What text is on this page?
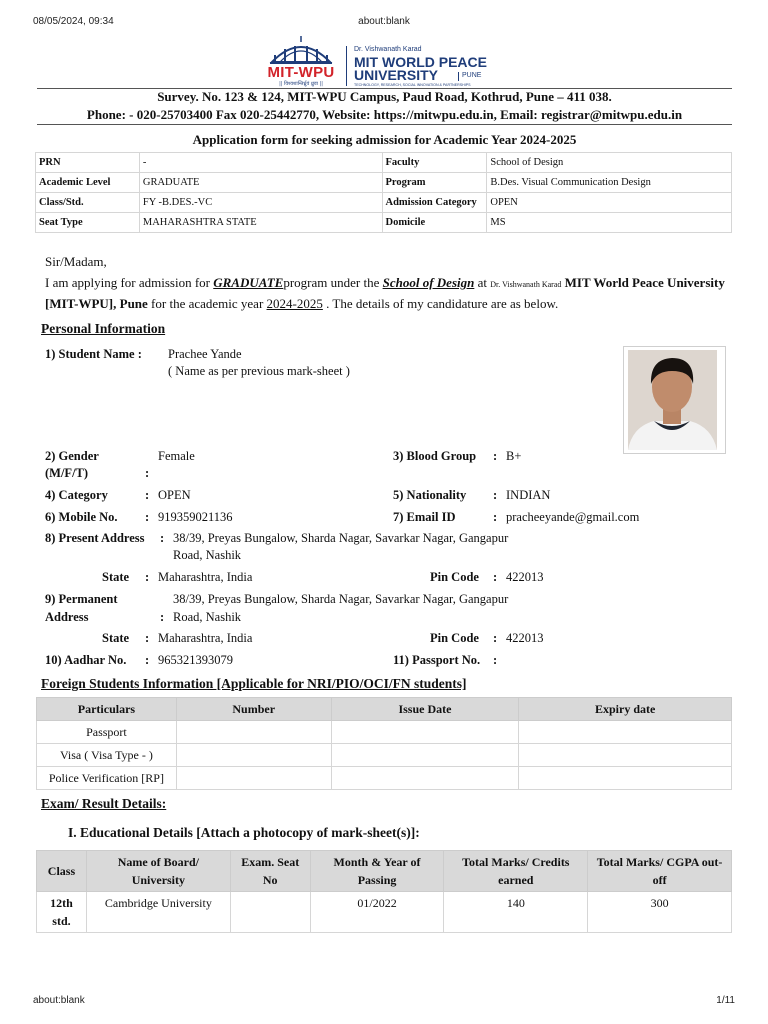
08/05/2024, 09:34	about:blank
MIT-WPU
|| विश्वशान्तिर्ध्रुवं ध्रुवा ||
Dr. Vishwanath Karad
MIT WORLD PEACE
UNIVERSITY	PUNE
TECHNOLOGY, RESEARCH, SOCIAL INNOVATION & PARTNERSHIPS
Survey. No. 123 & 124, MIT-WPU Campus, Paud Road, Kothrud, Pune – 411 038.
Phone: - 020-25703400 Fax 020-25442770, Website: https://mitwpu.edu.in, Email: registrar@mitwpu.edu.in
Application form for seeking admission for Academic Year 2024-2025
PRN	-	Faculty	School of Design
Academic Level	GRADUATE	Program	B.Des. Visual Communication Design
Class/Std.	FY -B.DES.-VC	Admission Category	OPEN
Seat Type	MAHARASHTRA STATE	Domicile	MS
Sir/Madam,
I am applying for admission for GRADUATEprogram under the School of Design at Dr. Vishwanath Karad MIT World Peace University [MIT-WPU], Pune for the academic year 2024-2025 . The details of my candidature are as below.
Personal Information
1) Student Name : Prachee Yande
( Name as per previous mark-sheet )
2) Gender
(M/F/T)	:
Female	3) Blood Group : B+
4) Category	: OPEN	5) Nationality : INDIAN
6) Mobile No. : 919359021136	7) Email ID	: pracheeyande@gmail.com
8) Present Address : 38/39, Preyas Bungalow, Sharda Nagar, Savarkar Nagar, Gangapur
Road, Nashik
State : Maharashtra, India	Pin Code : 422013
9) Permanent
Address	:
38/39, Preyas Bungalow, Sharda Nagar, Savarkar Nagar, Gangapur
Road, Nashik
State : Maharashtra, India	Pin Code : 422013
10) Aadhar No. : 965321393079	11) Passport No. :
Foreign Students Information [Applicable for NRI/PIO/OCI/FN students]
Particulars	Number	Issue Date	Expiry date
Passport			
Visa ( Visa Type - )			
Police Verification [RP]			
Exam/ Result Details:
I. Educational Details [Attach a photocopy of mark-sheet(s)]:
Class	Name of Board/ University	Exam. Seat No	Month & Year of Passing	Total Marks/ Credits earned	Total Marks/ CGPA out-off
12th std.	Cambridge University		01/2022	140	300
about:blank	1/11
